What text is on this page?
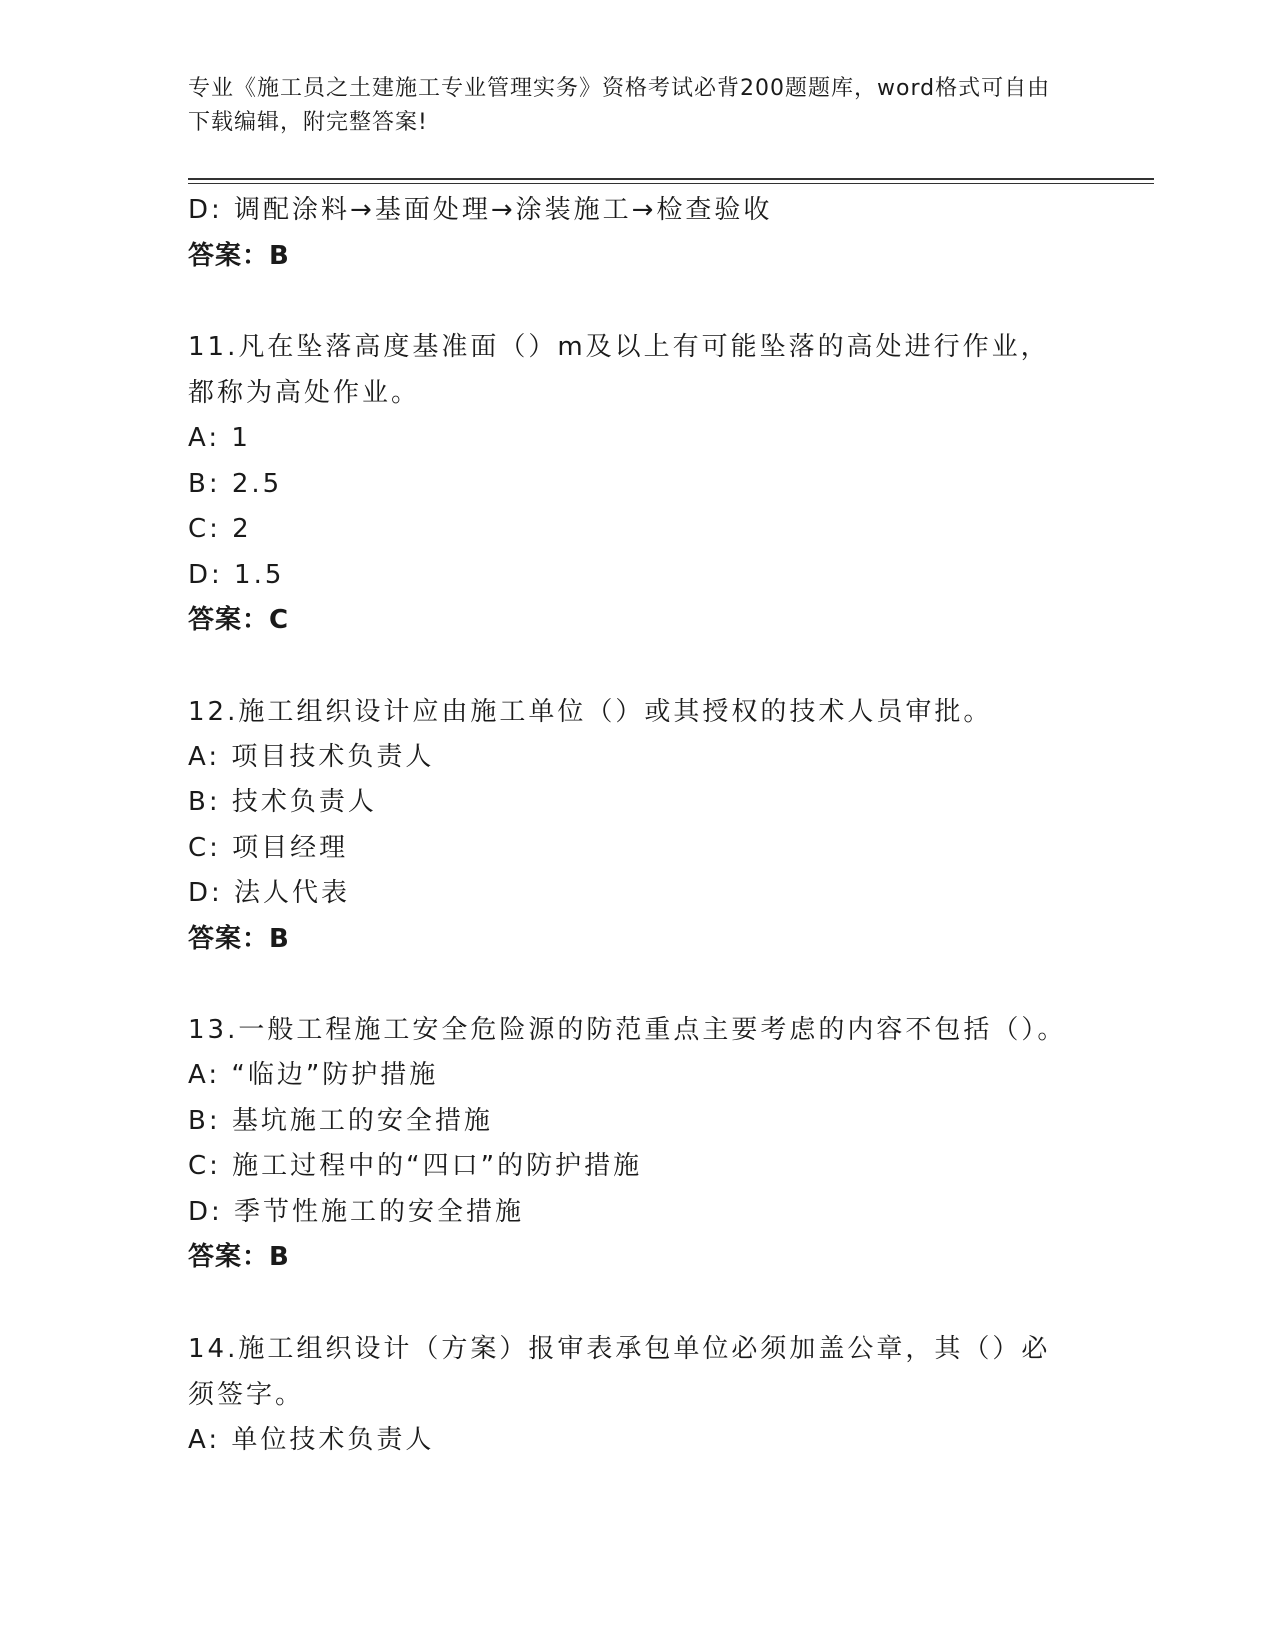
专业《施工员之土建施工专业管理实务》资格考试必背200题题库，word格式可自由下载编辑，附完整答案!
D: 调配涂料→基面处理→涂装施工→检查验收
答案：B
11.凡在坠落高度基准面（）m及以上有可能坠落的高处进行作业，都称为高处作业。
A: 1
B: 2.5
C: 2
D: 1.5
答案：C
12.施工组织设计应由施工单位（）或其授权的技术人员审批。
A: 项目技术负责人
B: 技术负责人
C: 项目经理
D: 法人代表
答案：B
13.一般工程施工安全危险源的防范重点主要考虑的内容不包括（）。
A: “临边”防护措施
B: 基坑施工的安全措施
C: 施工过程中的“四口”的防护措施
D: 季节性施工的安全措施
答案：B
14.施工组织设计（方案）报审表承包单位必须加盖公章，其（）必须签字。
A: 单位技术负责人
